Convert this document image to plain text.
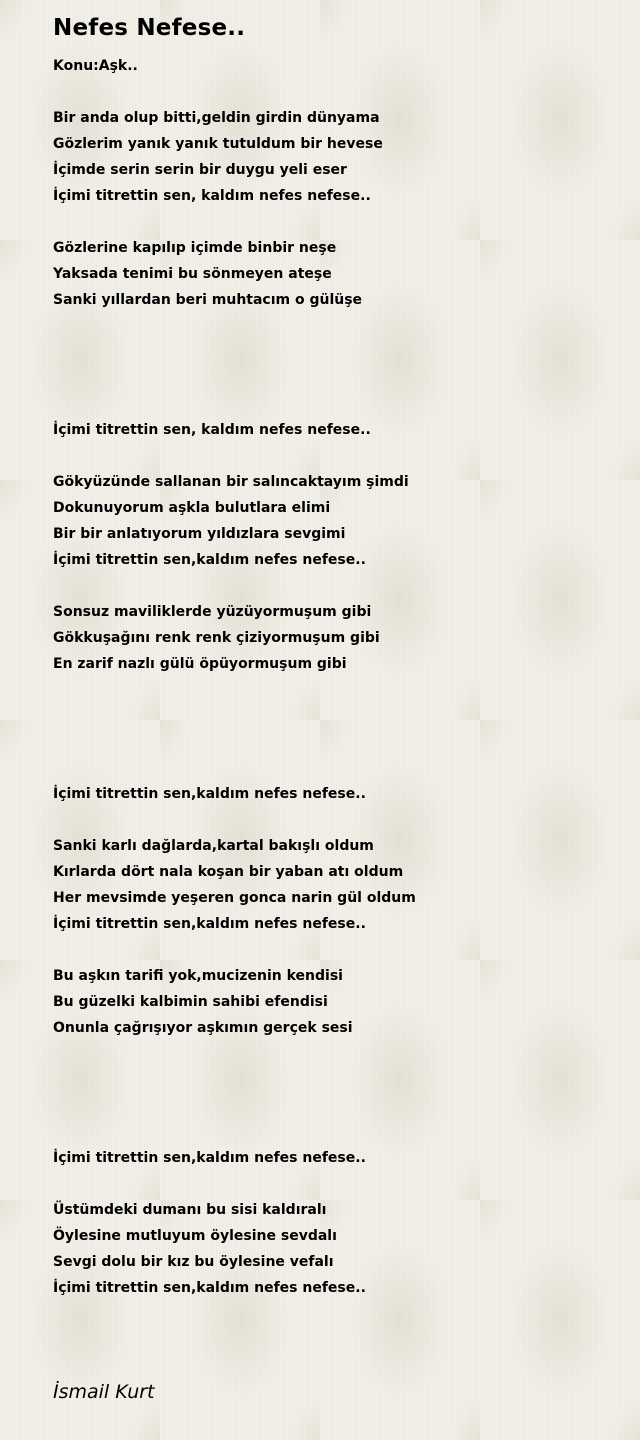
Nefes Nefese..
Konu:Aşk..
Bir anda olup bitti,geldin girdin dünyama
Gözlerim yanık yanık tutuldum bir hevese
İçimde serin serin bir duygu yeli eser
İçimi titrettin sen, kaldım nefes nefese..
Gözlerine kapılıp içimde binbir neşe
Yaksada tenimi bu sönmeyen ateşe
Sanki yıllardan beri muhtacım o gülüşe
İçimi titrettin sen, kaldım nefes nefese..
Gökyüzünde sallanan bir salıncaktayım şimdi
Dokunuyorum aşkla bulutlara elimi
Bir bir anlatıyorum yıldızlara sevgimi
İçimi titrettin sen,kaldım nefes nefese..
Sonsuz maviliklerde yüzüyormuşum gibi
Gökkuşağını renk renk çiziyormuşum gibi
En zarif nazlı gülü öpüyormuşum gibi
İçimi titrettin sen,kaldım nefes nefese..
Sanki karlı dağlarda,kartal bakışlı oldum
Kırlarda dört nala koşan bir yaban atı oldum
Her mevsimde yeşeren gonca narin gül oldum
İçimi titrettin sen,kaldım nefes nefese..
Bu aşkın tarifi yok,mucizenin kendisi
Bu güzelki kalbimin sahibi efendisi
Onunla çağrışıyor aşkımın gerçek sesi
İçimi titrettin sen,kaldım nefes nefese..
Üstümdeki dumanı bu sisi kaldıralı
Öylesine mutluyum öylesine sevdalı
Sevgi dolu bir kız bu öylesine vefalı
İçimi titrettin sen,kaldım nefes nefese..
İsmail Kurt
